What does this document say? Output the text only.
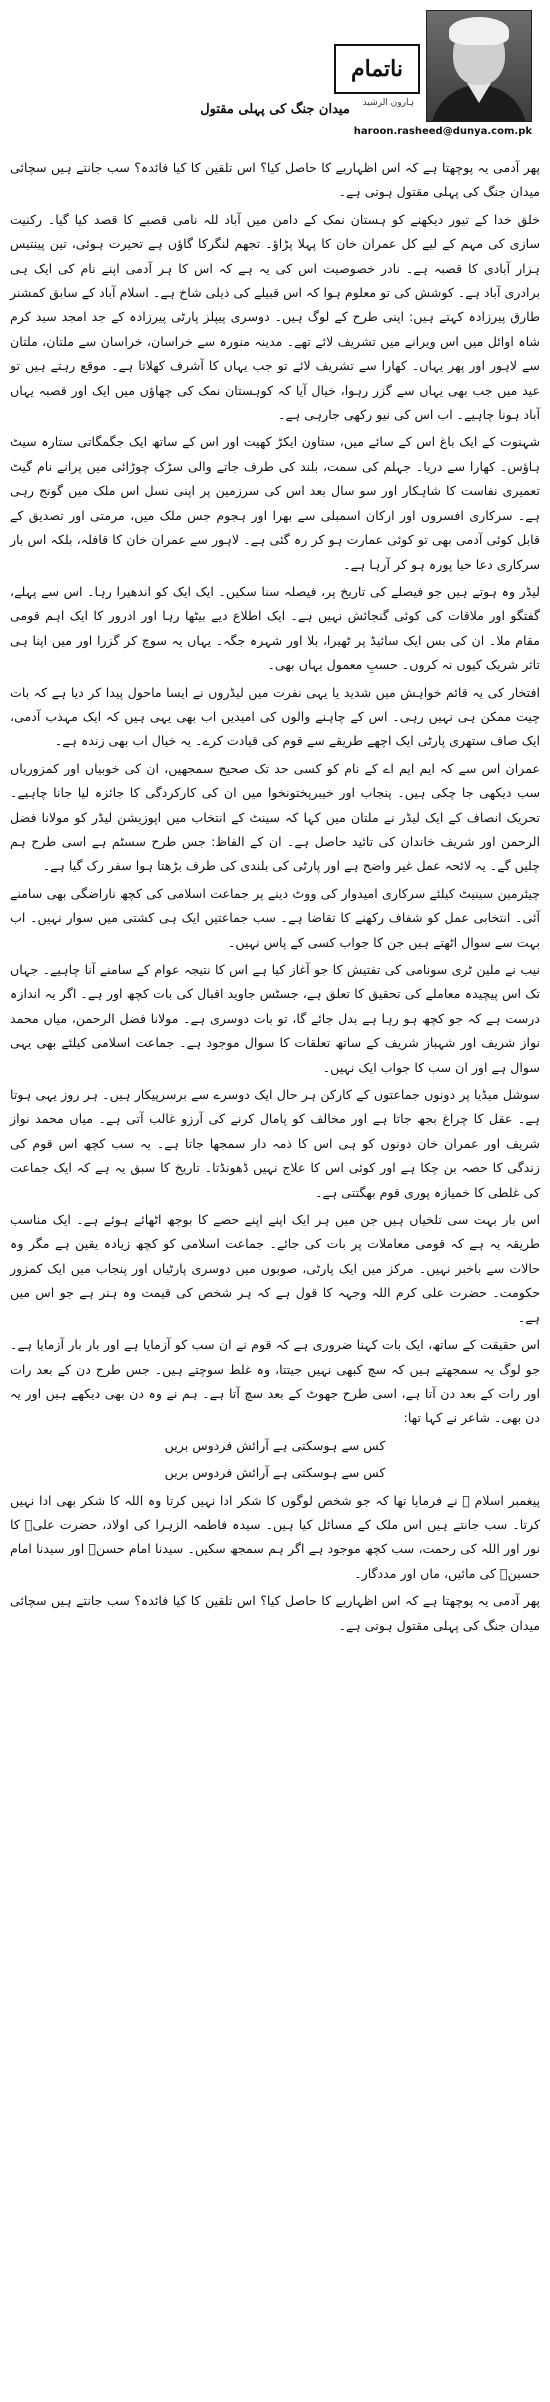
ناتمام
ہارون الرشید
میدان جنگ کی پہلی مقتول
haroon.rasheed@dunya.com.pk

پھر آدمی یہ پوچھتا ہے کہ اس اظہاریے کا حاصل کیا؟ اس تلقین کا کیا فائدہ؟ سب جانتے ہیں سچائی میدان جنگ کی پہلی مقتول ہوتی ہے۔

خلق خدا کے تیور دیکھنے کو ہستان نمک کے دامن میں آباد للہ نامی قصبے کا قصد کیا گیا۔ رکنیت سازی کی مہم کے لیے کل عمران خان کا پہلا پڑاؤ۔ تجھم لنگرکا گاؤں ہے تحیرت ہوئی، تین پینتیس ہزار آبادی کا قصبہ ہے۔ نادر خصوصیت اس کی یہ ہے کہ اس کا ہر آدمی اپنے نام کی ایک ہی برادری آباد ہے۔ کوشش کی تو معلوم ہوا کہ اس قبیلے کی ذیلی شاخ ہے۔ اسلام آباد کے سابق کمشنر طارق پیرزادہ کہتے ہیں: اپنی طرح کے لوگ ہیں۔ دوسری پیپلز پارٹی پیرزادہ کے جد امجد سید کرم شاہ اوائل میں اس ویرانے میں تشریف لائے تھے۔ مدینہ منورہ سے خراسان، خراسان سے ملتان، ملتان سے لاہور اور پھر یہاں۔ کھارا سے تشریف لائے تو جب یہاں کا آشرف کھلاتا ہے۔ موقع رہتے ہیں تو عید میں جب بھی یہاں سے گزر رہوا، خیال آیا کہ کوہستان نمک کی چھاؤں میں ایک اور قصبہ یہاں آباد ہونا چاہیے۔ اب اس کی نیو رکھی جارہی ہے۔

شہنوت کے ایک باغ اس کے سائے میں، ستاون ایکڑ کھیت اور اس کے ساتھ ایک جگمگاتی ستارہ سیٹ ہاؤس۔ کھارا سے دریا۔ جہلم کی سمت، بلند کی طرف جاتے والی سڑک چوڑائی میں پرانے نام گیٹ تعمیری نفاست کا شاہکار اور سو سال بعد اس کی سرزمین پر اپنی نسل اس ملک میں گونج رہی ہے۔ سرکاری افسروں اور ارکان اسمبلی سے بھرا اور ہجوم جس ملک میں، مرمتی اور تصدیق کے قابل کوئی آدمی بھی تو کوئی عمارت ہو کر رہ گئی ہے۔ لاہور سے عمران خان کا قافلہ، بلکہ اس بار سرکاری دعا حیا پورہ ہو کر آرہا ہے۔

لیڈر وہ ہوتے ہیں جو فیصلے کی تاریخ پر، فیصلہ سنا سکیں۔ ایک ایک کو اندھیرا رہا۔ اس سے پہلے، گفتگو اور ملاقات کی کوئی گنجائش نہیں ہے۔ ایک اطلاع دیے بیٹھا رہا اور ادرور کا ایک اہم قومی مقام ملا۔ ان کی بس ایک سائیڈ پر ٹھیرا، بلا اور شہرہ جگہ۔ یہاں یہ سوچ کر گزرا اور میں اپنا ہی تاثر شریک کیوں نہ کروں۔ حسبِ معمول یہاں بھی۔

افتخار کی یہ قائم خواہش میں شدید یا یہی نفرت میں لیڈروں نے ایسا ماحول پیدا کر دیا ہے کہ بات چیت ممکن ہی نہیں رہی۔ اس کے چاہنے والوں کی امیدیں اب بھی یہی ہیں کہ ایک مہذب آدمی، ایک صاف ستھری پارٹی ایک اچھے طریقے سے قوم کی قیادت کرے۔ یہ خیال اب بھی زندہ ہے۔

عمران اس سے کہ ایم ایم اے کے نام کو کسی حد تک صحیح سمجھیں، ان کی خوبیاں اور کمزوریاں سب دیکھی جا چکی ہیں۔ پنجاب اور خیبرپختونخوا میں ان کی کارکردگی کا جائزہ لیا جانا چاہیے۔ تحریک انصاف کے ایک لیڈر نے ملتان میں کہا کہ سینٹ کے انتخاب میں اپوزیشن لیڈر کو مولانا فضل الرحمن اور شریف خاندان کی تائید حاصل ہے۔ ان کے الفاظ: جس طرح سسٹم ہے اسی طرح ہم چلیں گے۔ یہ لائحہ عمل غیر واضح ہے اور پارٹی کی بلندی کی طرف بڑھتا ہوا سفر رک گیا ہے۔

چیئرمین سینیٹ کیلئے سرکاری امیدوار کی ووٹ دینے پر جماعت اسلامی کی کچھ ناراضگی بھی سامنے آئی۔ انتخابی عمل کو شفاف رکھنے کا تقاضا ہے۔ سب جماعتیں ایک ہی کشتی میں سوار نہیں۔ اب بہت سے سوال اٹھتے ہیں جن کا جواب کسی کے پاس نہیں۔

نیب نے ملین ٹری سونامی کی تفتیش کا جو آغاز کیا ہے اس کا نتیجہ عوام کے سامنے آنا چاہیے۔ جہاں تک اس پیچیدہ معاملے کی تحقیق کا تعلق ہے، جسٹس جاوید اقبال کی بات کچھ اور ہے۔ اگر یہ اندازہ درست ہے کہ جو کچھ ہو رہا ہے بدل جائے گا، تو بات دوسری ہے۔ مولانا فضل الرحمن، میاں محمد نواز شریف اور شہباز شریف کے ساتھ تعلقات کا سوال موجود ہے۔ جماعت اسلامی کیلئے بھی یہی سوال ہے اور ان سب کا جواب ایک نہیں۔

سوشل میڈیا پر دونوں جماعتوں کے کارکن ہر حال ایک دوسرے سے برسرپیکار ہیں۔ ہر روز یہی ہوتا ہے۔ عقل کا چراغ بجھ جاتا ہے اور مخالف کو پامال کرنے کی آرزو غالب آتی ہے۔ میاں محمد نواز شریف اور عمران خان دونوں کو ہی اس کا ذمہ دار سمجھا جاتا ہے۔ یہ سب کچھ اس قوم کی زندگی کا حصہ بن چکا ہے اور کوئی اس کا علاج نہیں ڈھونڈتا۔ تاریخ کا سبق یہ ہے کہ ایک جماعت کی غلطی کا خمیازہ پوری قوم بھگتتی ہے۔

اس بار بہت سی تلخیاں ہیں جن میں ہر ایک اپنے اپنے حصے کا بوجھ اٹھائے ہوئے ہے۔ ایک مناسب طریقہ یہ ہے کہ قومی معاملات پر بات کی جائے۔ جماعت اسلامی کو کچھ زیادہ یقین ہے مگر وہ حالات سے باخبر نہیں۔ مرکز میں ایک پارٹی، صوبوں میں دوسری پارٹیاں اور پنجاب میں ایک کمزور حکومت۔ حضرت علی کرم اللہ وجہہ کا قول ہے کہ ہر شخص کی قیمت وہ ہنر ہے جو اس میں ہے۔

اس حقیقت کے ساتھ، ایک بات کہنا ضروری ہے کہ قوم نے ان سب کو آزمایا ہے اور بار بار آزمایا ہے۔ جو لوگ یہ سمجھتے ہیں کہ سچ کبھی نہیں جیتتا، وہ غلط سوچتے ہیں۔ جس طرح دن کے بعد رات اور رات کے بعد دن آتا ہے، اسی طرح جھوٹ کے بعد سچ آتا ہے۔ ہم نے وہ دن بھی دیکھے ہیں اور یہ دن بھی۔ شاعر نے کہا تھا:

کس سے ہوسکتی ہے آرائش فردوس بریں

کس سے ہوسکتی ہے آرائش فردوس بریں

پیغمبر اسلام ﷺ نے فرمایا تھا کہ جو شخص لوگوں کا شکر ادا نہیں کرتا وہ اللہ کا شکر بھی ادا نہیں کرتا۔ سب جانتے ہیں اس ملک کے مسائل کیا ہیں۔ سیدہ فاطمہ الزہرا کی اولاد، حضرت علیؓ کا نور اور اللہ کی رحمت، سب کچھ موجود ہے اگر ہم سمجھ سکیں۔ سیدنا امام حسنؓ اور سیدنا امام حسینؓ کی مائیں، ماں اور مددگار۔

پھر آدمی یہ پوچھتا ہے کہ اس اظہاریے کا حاصل کیا؟ اس تلقین کا کیا فائدہ؟ سب جانتے ہیں سچائی میدان جنگ کی پہلی مقتول ہوتی ہے۔
